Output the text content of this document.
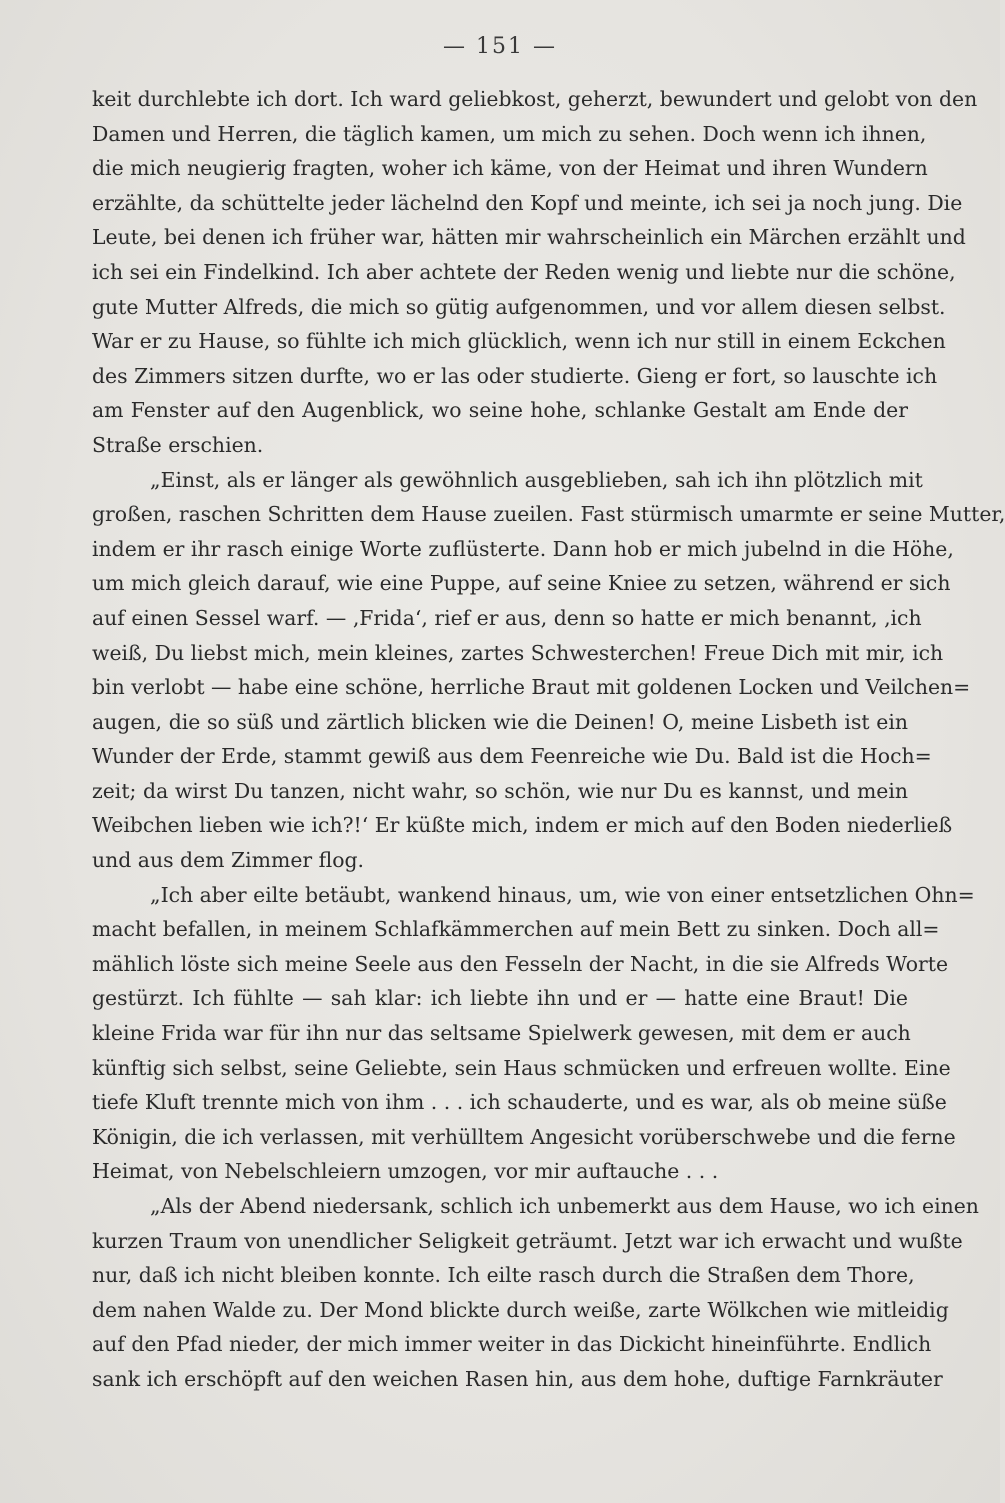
— 151 —
keit durchlebte ich dort. Ich ward geliebkost, geherzt, bewundert und gelobt von den
Damen und Herren, die täglich kamen, um mich zu sehen. Doch wenn ich ihnen,
die mich neugierig fragten, woher ich käme, von der Heimat und ihren Wundern
erzählte, da schüttelte jeder lächelnd den Kopf und meinte, ich sei ja noch jung. Die
Leute, bei denen ich früher war, hätten mir wahrscheinlich ein Märchen erzählt und
ich sei ein Findelkind. Ich aber achtete der Reden wenig und liebte nur die schöne,
gute Mutter Alfreds, die mich so gütig aufgenommen, und vor allem diesen selbst.
War er zu Hause, so fühlte ich mich glücklich, wenn ich nur still in einem Eckchen
des Zimmers sitzen durfte, wo er las oder studierte. Gieng er fort, so lauschte ich
am Fenster auf den Augenblick, wo seine hohe, schlanke Gestalt am Ende der
Straße erschien.
„Einst, als er länger als gewöhnlich ausgeblieben, sah ich ihn plötzlich mit
großen, raschen Schritten dem Hause zueilen. Fast stürmisch umarmte er seine Mutter,
indem er ihr rasch einige Worte zuflüsterte. Dann hob er mich jubelnd in die Höhe,
um mich gleich darauf, wie eine Puppe, auf seine Kniee zu setzen, während er sich
auf einen Sessel warf. — ‚Frida‘, rief er aus, denn so hatte er mich benannt, ‚ich
weiß, Du liebst mich, mein kleines, zartes Schwesterchen! Freue Dich mit mir, ich
bin verlobt — habe eine schöne, herrliche Braut mit goldenen Locken und Veilchen=
augen, die so süß und zärtlich blicken wie die Deinen! O, meine Lisbeth ist ein
Wunder der Erde, stammt gewiß aus dem Feenreiche wie Du. Bald ist die Hoch=
zeit; da wirst Du tanzen, nicht wahr, so schön, wie nur Du es kannst, und mein
Weibchen lieben wie ich?!‘ Er küßte mich, indem er mich auf den Boden niederließ
und aus dem Zimmer flog.
„Ich aber eilte betäubt, wankend hinaus, um, wie von einer entsetzlichen Ohn=
macht befallen, in meinem Schlafkämmerchen auf mein Bett zu sinken. Doch all=
mählich löste sich meine Seele aus den Fesseln der Nacht, in die sie Alfreds Worte
gestürzt. Ich fühlte — sah klar: ich liebte ihn und er — hatte eine Braut! Die
kleine Frida war für ihn nur das seltsame Spielwerk gewesen, mit dem er auch
künftig sich selbst, seine Geliebte, sein Haus schmücken und erfreuen wollte. Eine
tiefe Kluft trennte mich von ihm . . . ich schauderte, und es war, als ob meine süße
Königin, die ich verlassen, mit verhülltem Angesicht vorüberschwebe und die ferne
Heimat, von Nebelschleiern umzogen, vor mir auftauche . . .
„Als der Abend niedersank, schlich ich unbemerkt aus dem Hause, wo ich einen
kurzen Traum von unendlicher Seligkeit geträumt. Jetzt war ich erwacht und wußte
nur, daß ich nicht bleiben konnte. Ich eilte rasch durch die Straßen dem Thore,
dem nahen Walde zu. Der Mond blickte durch weiße, zarte Wölkchen wie mitleidig
auf den Pfad nieder, der mich immer weiter in das Dickicht hineinführte. Endlich
sank ich erschöpft auf den weichen Rasen hin, aus dem hohe, duftige Farnkräuter
